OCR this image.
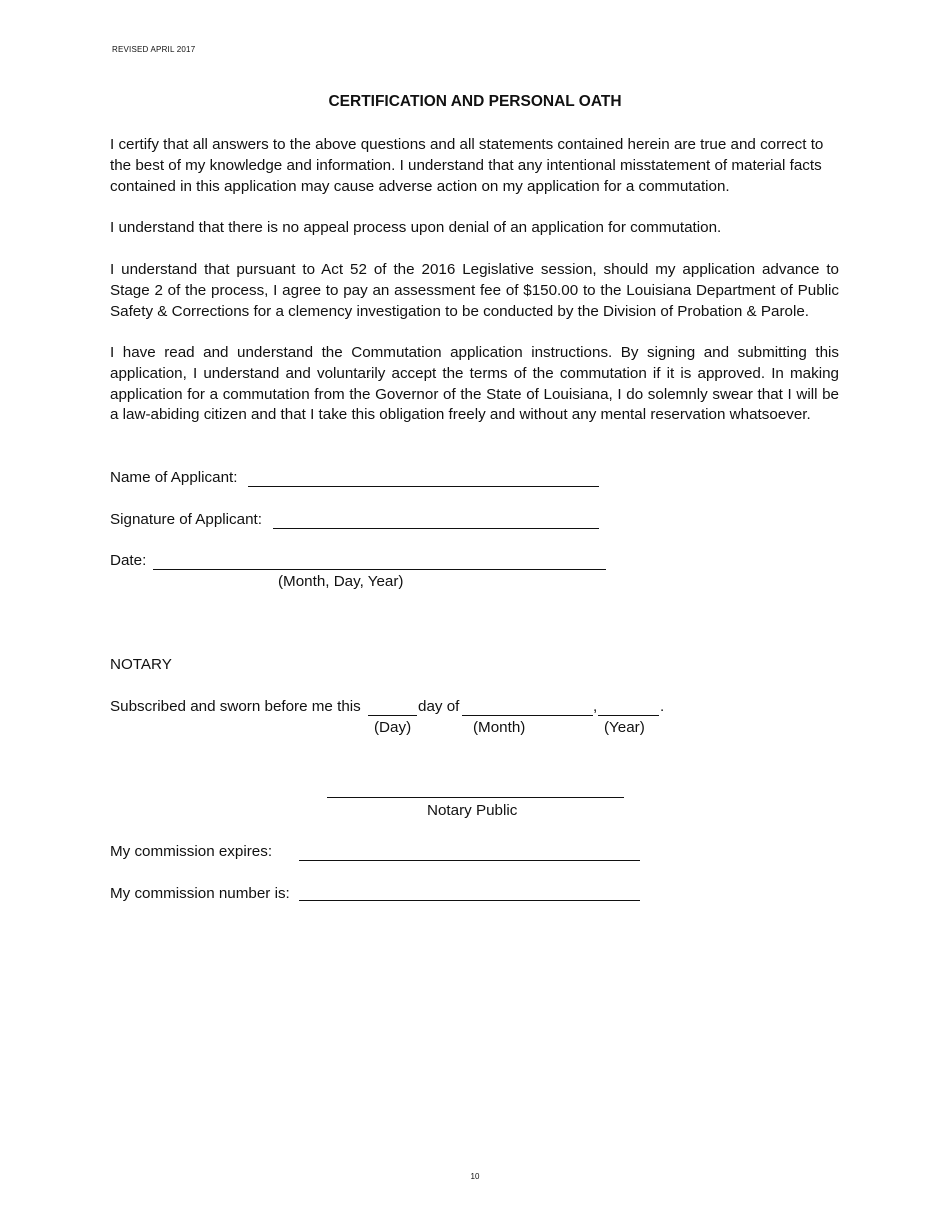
REVISED APRIL 2017
CERTIFICATION AND PERSONAL OATH
I certify that all answers to the above questions and all statements contained herein are true and correct to the best of my knowledge and information. I understand that any intentional misstatement of material facts contained in this application may cause adverse action on my application for a commutation.
I understand that there is no appeal process upon denial of an application for commutation.
I understand that pursuant to Act 52 of the 2016 Legislative session, should my application advance to Stage 2 of the process, I agree to pay an assessment fee of $150.00 to the Louisiana Department of Public Safety & Corrections for a clemency investigation to be conducted by the Division of Probation & Parole.
I have read and understand the Commutation application instructions. By signing and submitting this application, I understand and voluntarily accept the terms of the commutation if it is approved. In making application for a commutation from the Governor of the State of Louisiana, I do solemnly swear that I will be a law-abiding citizen and that I take this obligation freely and without any mental reservation whatsoever.
Name of Applicant:
Signature of Applicant:
Date:
(Month, Day, Year)
NOTARY
Subscribed and sworn before me this	day of	,	.
(Day)	(Month)	(Year)
Notary Public
My commission expires:
My commission number is:
10
